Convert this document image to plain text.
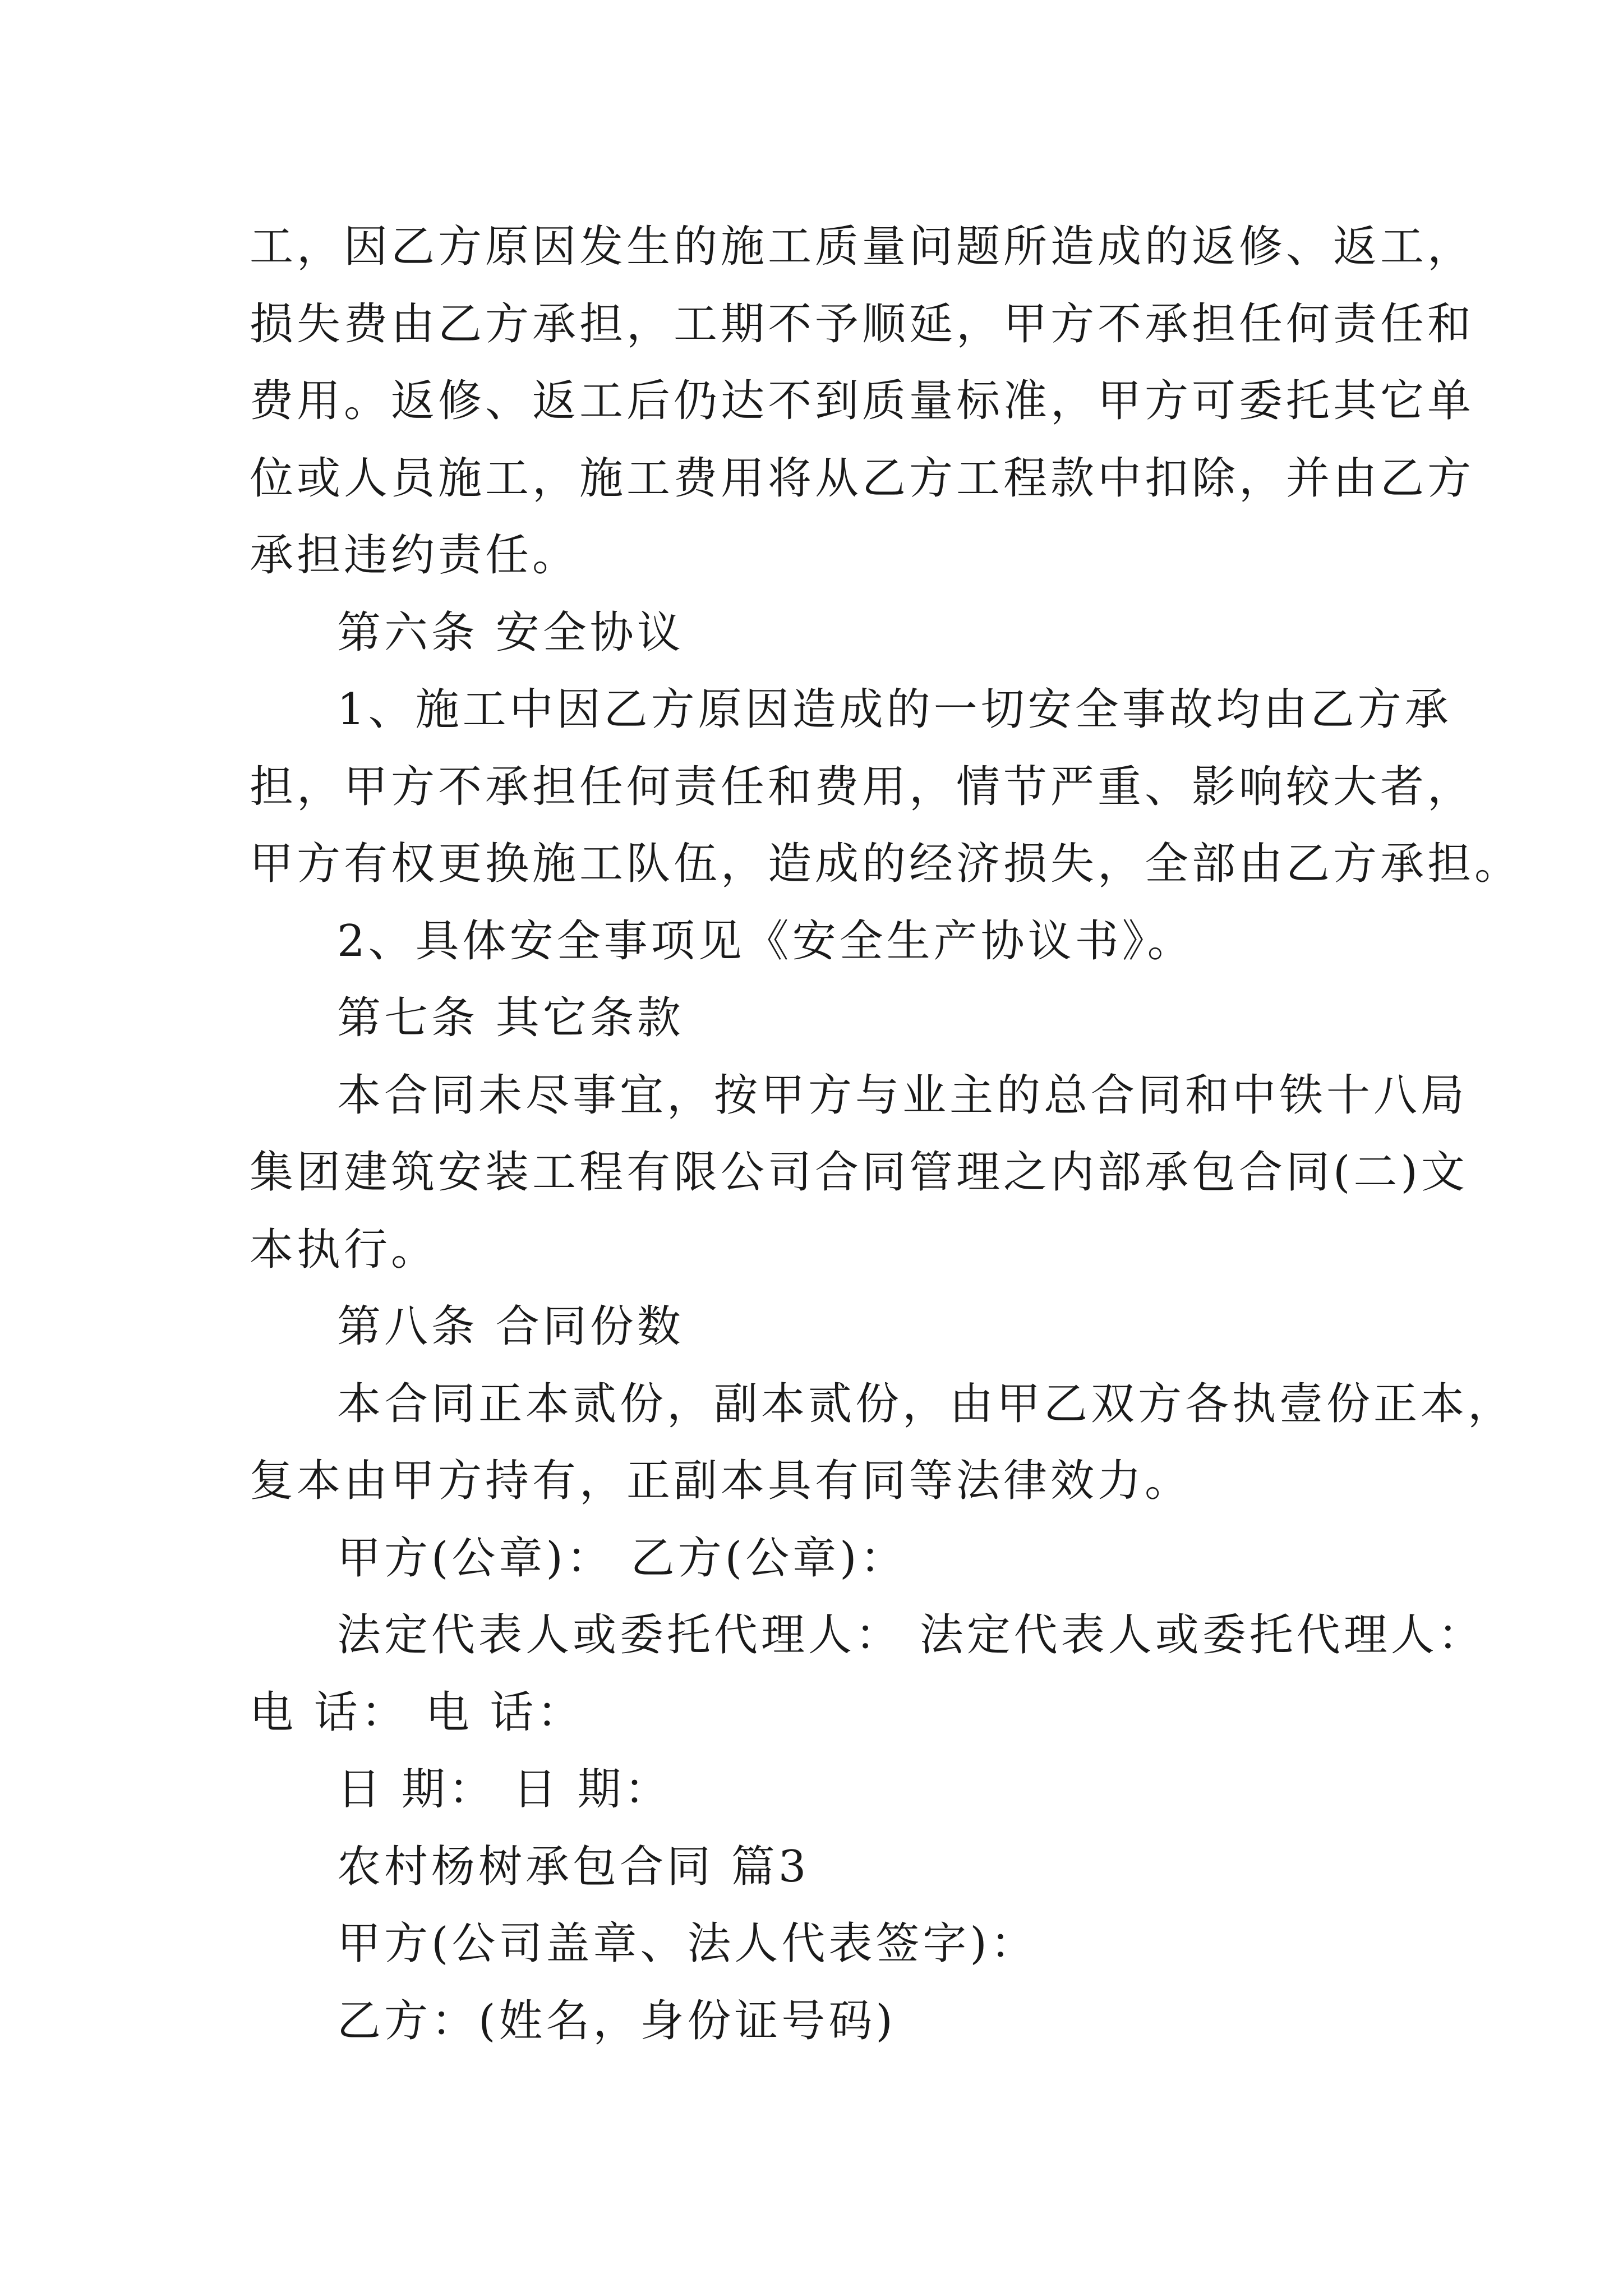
工，因乙方原因发生的施工质量问题所造成的返修、返工，
损失费由乙方承担，工期不予顺延，甲方不承担任何责任和
费用。返修、返工后仍达不到质量标准，甲方可委托其它单
位或人员施工，施工费用将从乙方工程款中扣除，并由乙方
承担违约责任。
第六条 安全协议
1、施工中因乙方原因造成的一切安全事故均由乙方承
担，甲方不承担任何责任和费用，情节严重、影响较大者，
甲方有权更换施工队伍，造成的经济损失，全部由乙方承担。
2、具体安全事项见《安全生产协议书》。
第七条 其它条款
本合同未尽事宜，按甲方与业主的总合同和中铁十八局
集团建筑安装工程有限公司合同管理之内部承包合同(二)文
本执行。
第八条 合同份数
本合同正本贰份，副本贰份，由甲乙双方各执壹份正本，
复本由甲方持有，正副本具有同等法律效力。
甲方(公章)： 乙方(公章)：
法定代表人或委托代理人： 法定代表人或委托代理人：
电 话： 电 话：
日 期： 日 期：
农村杨树承包合同 篇3
甲方(公司盖章、法人代表签字)：
乙方：(姓名，身份证号码)
